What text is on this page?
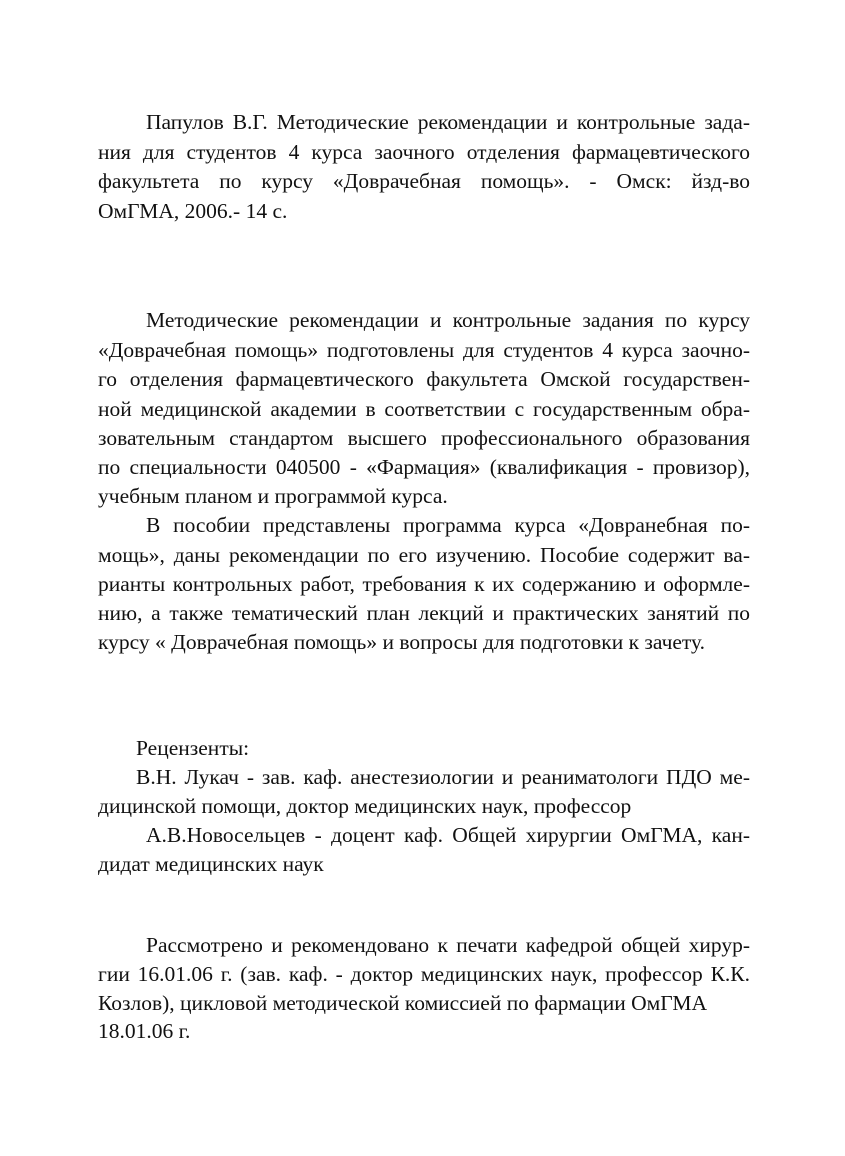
Папулов В.Г. Методические рекомендации и контрольные зада-
ния для студентов 4 курса заочного отделения фармацевтического
факультета по курсу «Доврачебная помощь». - Омск: йзд-во
ОмГМА, 2006.- 14 с.
Методические рекомендации и контрольные задания по курсу
«Доврачебная помощь» подготовлены для студентов 4 курса заочно-
го отделения фармацевтического факультета Омской государствен-
ной медицинской академии в соответствии с государственным обра-
зовательным стандартом высшего профессионального образования
по специальности 040500 - «Фармация» (квалификация - провизор),
учебным планом и программой курса.
В пособии представлены программа курса «Довранебная по-
мощь», даны рекомендации по его изучению. Пособие содержит ва-
рианты контрольных работ, требования к их содержанию и оформле-
нию, а также тематический план лекций и практических занятий по
курсу « Доврачебная помощь» и вопросы для подготовки к зачету.
Рецензенты:
В.Н. Лукач - зав. каф. анестезиологии и реаниматологи ПДО ме-
дицинской помощи, доктор медицинских наук, профессор
А.В.Новосельцев - доцент каф. Общей хирургии ОмГМА, кан-
дидат медицинских наук
Рассмотрено и рекомендовано к печати кафедрой общей хирур-
гии 16.01.06 г. (зав. каф. - доктор медицинских наук, профессор К.К.
Козлов), цикловой методической комиссией по фармации ОмГМА
18.01.06 г.
